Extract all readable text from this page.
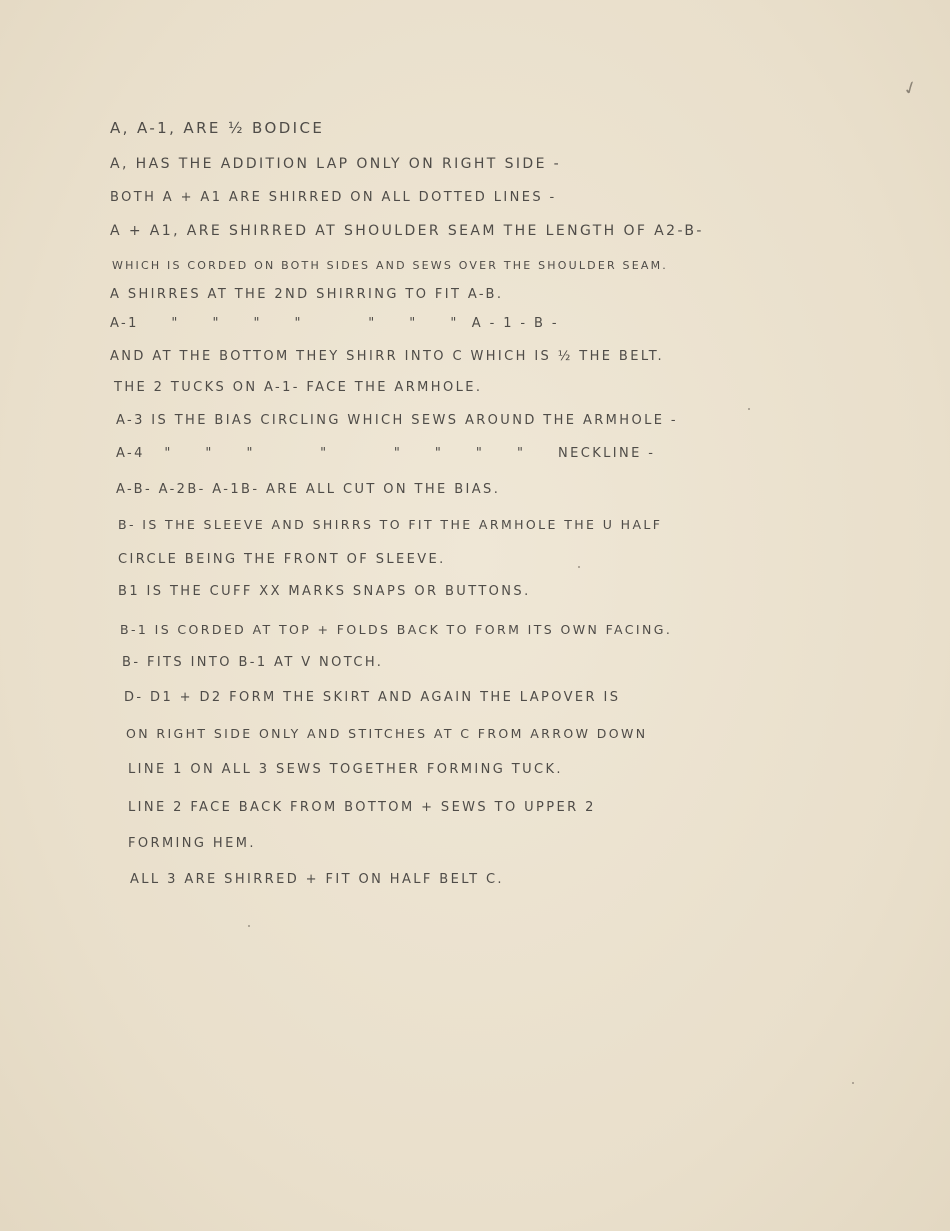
✓
A, A-1, ARE ½ BODICE
A, HAS THE ADDITION LAP ONLY ON RIGHT SIDE -
BOTH A + A1 ARE SHIRRED ON ALL DOTTED LINES -
A + A1, ARE SHIRRED AT SHOULDER SEAM THE LENGTH OF A2-B-
WHICH IS CORDED ON BOTH SIDES AND SEWS OVER THE SHOULDER SEAM.
A SHIRRES AT THE 2ND SHIRRING TO FIT A-B.
A-1     "     "     "     "          "     "     "  A - 1 - B -
AND AT THE BOTTOM THEY SHIRR INTO C WHICH IS ½ THE BELT.
THE 2 TUCKS ON A-1- FACE THE ARMHOLE.
A-3 IS THE BIAS CIRCLING WHICH SEWS AROUND THE ARMHOLE -
A-4   "     "     "          "          "     "     "     "     NECKLINE -
A-B- A-2B- A-1B- ARE ALL CUT ON THE BIAS.
B- IS THE SLEEVE AND SHIRRS TO FIT THE ARMHOLE THE U HALF
CIRCLE BEING THE FRONT OF SLEEVE.
B1 IS THE CUFF XX MARKS SNAPS OR BUTTONS.
B-1 IS CORDED AT TOP + FOLDS BACK TO FORM ITS OWN FACING.
B- FITS INTO B-1 AT V NOTCH.
D- D1 + D2 FORM THE SKIRT AND AGAIN THE LAPOVER IS
ON RIGHT SIDE ONLY AND STITCHES AT C FROM ARROW DOWN
LINE 1 ON ALL 3 SEWS TOGETHER FORMING TUCK.
LINE 2 FACE BACK FROM BOTTOM + SEWS TO UPPER 2
FORMING HEM.
ALL 3 ARE SHIRRED + FIT ON HALF BELT C.
